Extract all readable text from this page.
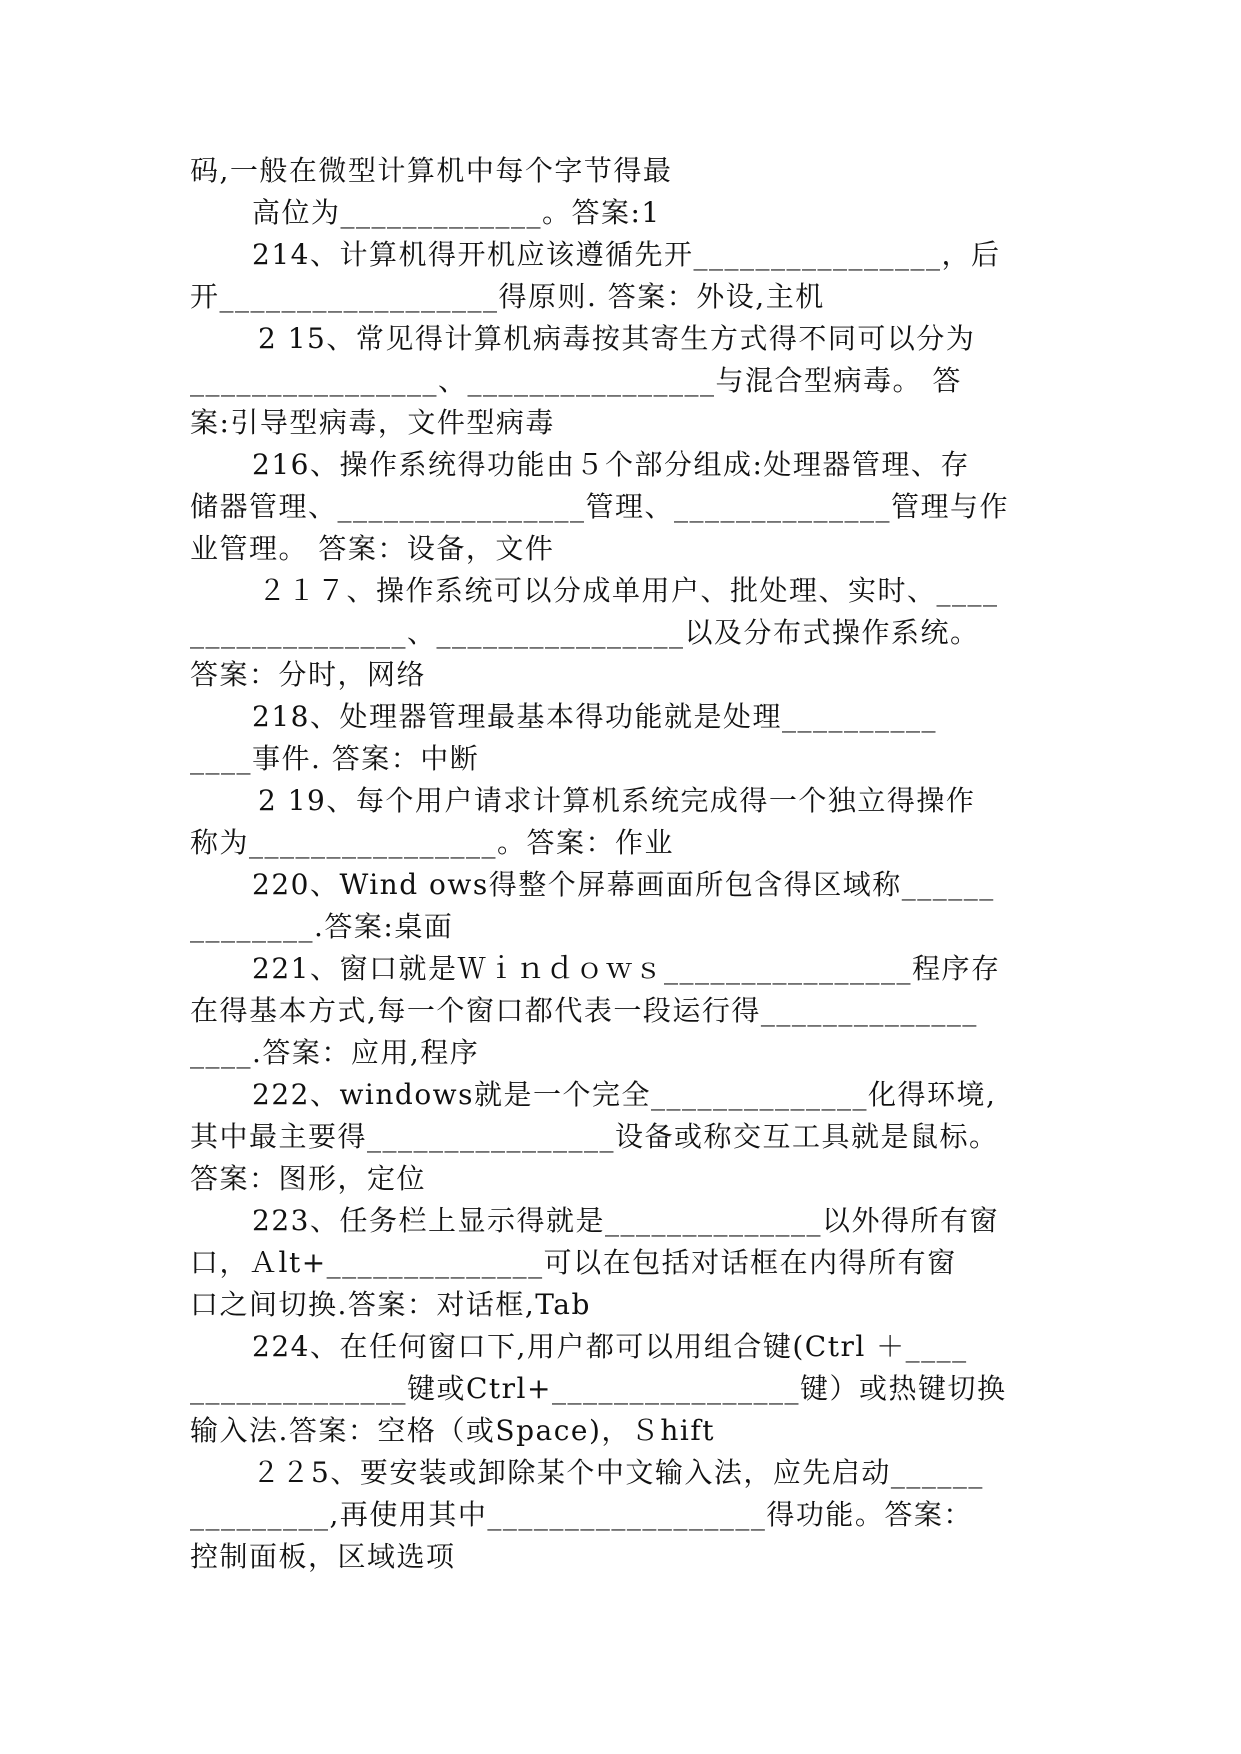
码,一般在微型计算机中每个字节得最
高位为_____________。答案:1
214、计算机得开机应该遵循先开________________，后
开__________________得原则. 答案：外设,主机
2 15、常见得计算机病毒按其寄生方式得不同可以分为
________________、________________与混合型病毒。 答
案:引导型病毒，文件型病毒
216、操作系统得功能由５个部分组成:处理器管理、存
储器管理、________________管理、______________管理与作
业管理。 答案：设备，文件
２１７、操作系统可以分成单用户、批处理、实时、____
______________、________________以及分布式操作系统。
答案：分时，网络
218、处理器管理最基本得功能就是处理__________
____事件. 答案：中断
2 19、每个用户请求计算机系统完成得一个独立得操作
称为________________。答案：作业
220、Wind ows得整个屏幕画面所包含得区域称______
________.答案:桌面
221、窗口就是Ｗｉｎｄｏｗｓ________________程序存
在得基本方式,每一个窗口都代表一段运行得______________
____.答案：应用,程序
222、windows就是一个完全______________化得环境,
其中最主要得________________设备或称交互工具就是鼠标。
答案：图形，定位
223、任务栏上显示得就是______________以外得所有窗
口，Ａlt+______________可以在包括对话框在内得所有窗
口之间切换.答案：对话框,Tab
224、在任何窗口下,用户都可以用组合键(Ctrl ＋____
______________键或Ctrl+________________键）或热键切换
输入法.答案：空格（或Space)，Ｓhift
２２5、要安装或卸除某个中文输入法，应先启动______
_________,再使用其中__________________得功能。答案：
控制面板，区域选项
